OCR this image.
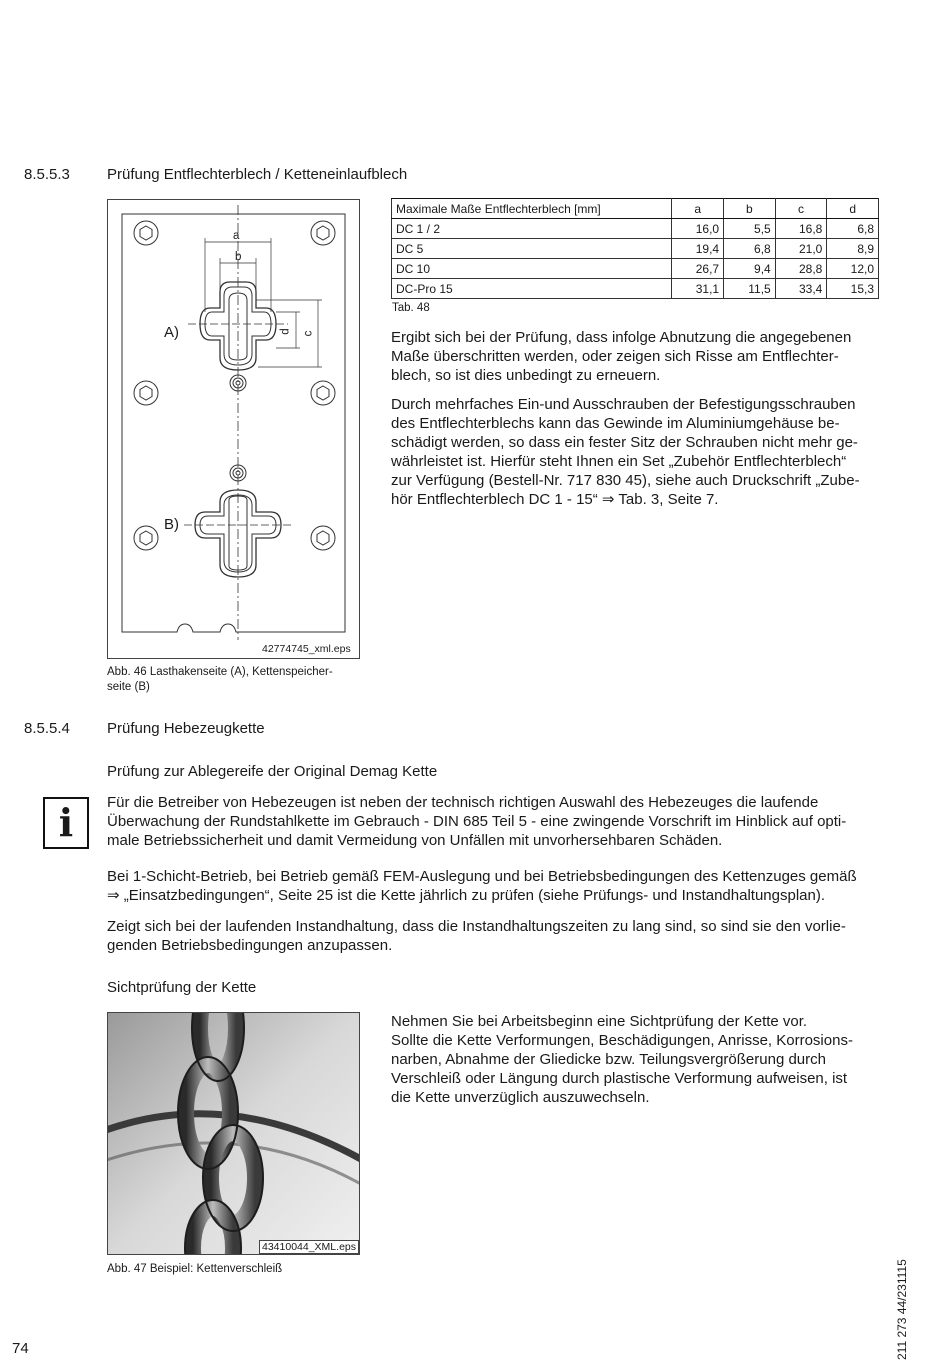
8.5.5.3 Prüfung Entflechterblech / Ketteneinlaufblech
a
b
c
d
A)
B)
42774745_xml.eps
Abb. 46 Lasthakenseite (A), Kettenspeicher-
seite (B)
Maximale Maße Entflechterblech [mm]	a	b	c	d
DC 1 / 2	16,0	5,5	16,8	6,8
DC 5	19,4	6,8	21,0	8,9
DC 10	26,7	9,4	28,8	12,0
DC-Pro 15	31,1	11,5	33,4	15,3
Tab. 48
Ergibt sich bei der Prüfung, dass infolge Abnutzung die angegebenen
Maße überschritten werden, oder zeigen sich Risse am Entflechter-
blech, so ist dies unbedingt zu erneuern.
Durch mehrfaches Ein-und Ausschrauben der Befestigungsschrauben
des Entflechterblechs kann das Gewinde im Aluminiumgehäuse be-
schädigt werden, so dass ein fester Sitz der Schrauben nicht mehr ge-
währleistet ist. Hierfür steht Ihnen ein Set „Zubehör Entflechterblech“
zur Verfügung (Bestell-Nr. 717 830 45), siehe auch Druckschrift „Zube-
hör Entflechterblech DC 1 - 15“ ⇒ Tab. 3, Seite 7.
8.5.5.4 Prüfung Hebezeugkette
Prüfung zur Ablegereife der Original Demag Kette
i	Für die Betreiber von Hebezeugen ist neben der technisch richtigen Auswahl des Hebezeuges die laufende
Überwachung der Rundstahlkette im Gebrauch - DIN 685 Teil 5 - eine zwingende Vorschrift im Hinblick auf opti-
male Betriebssicherheit und damit Vermeidung von Unfällen mit unvorhersehbaren Schäden.
Bei 1-Schicht-Betrieb, bei Betrieb gemäß FEM-Auslegung und bei Betriebsbedingungen des Kettenzuges gemäß
⇒ „Einsatzbedingungen“, Seite 25 ist die Kette jährlich zu prüfen (siehe Prüfungs- und Instandhaltungsplan).
Zeigt sich bei der laufenden Instandhaltung, dass die Instandhaltungszeiten zu lang sind, so sind sie den vorlie-
genden Betriebsbedingungen anzupassen.
Sichtprüfung der Kette
43410044_XML.eps
Abb. 47 Beispiel: Kettenverschleiß
Nehmen Sie bei Arbeitsbeginn eine Sichtprüfung der Kette vor.
Sollte die Kette Verformungen, Beschädigungen, Anrisse, Korrosions-
narben, Abnahme der Gliedicke bzw. Teilungsvergrößerung durch
Verschleiß oder Längung durch plastische Verformung aufweisen, ist
die Kette unverzüglich auszuwechseln.
74	211 273 44/231115
